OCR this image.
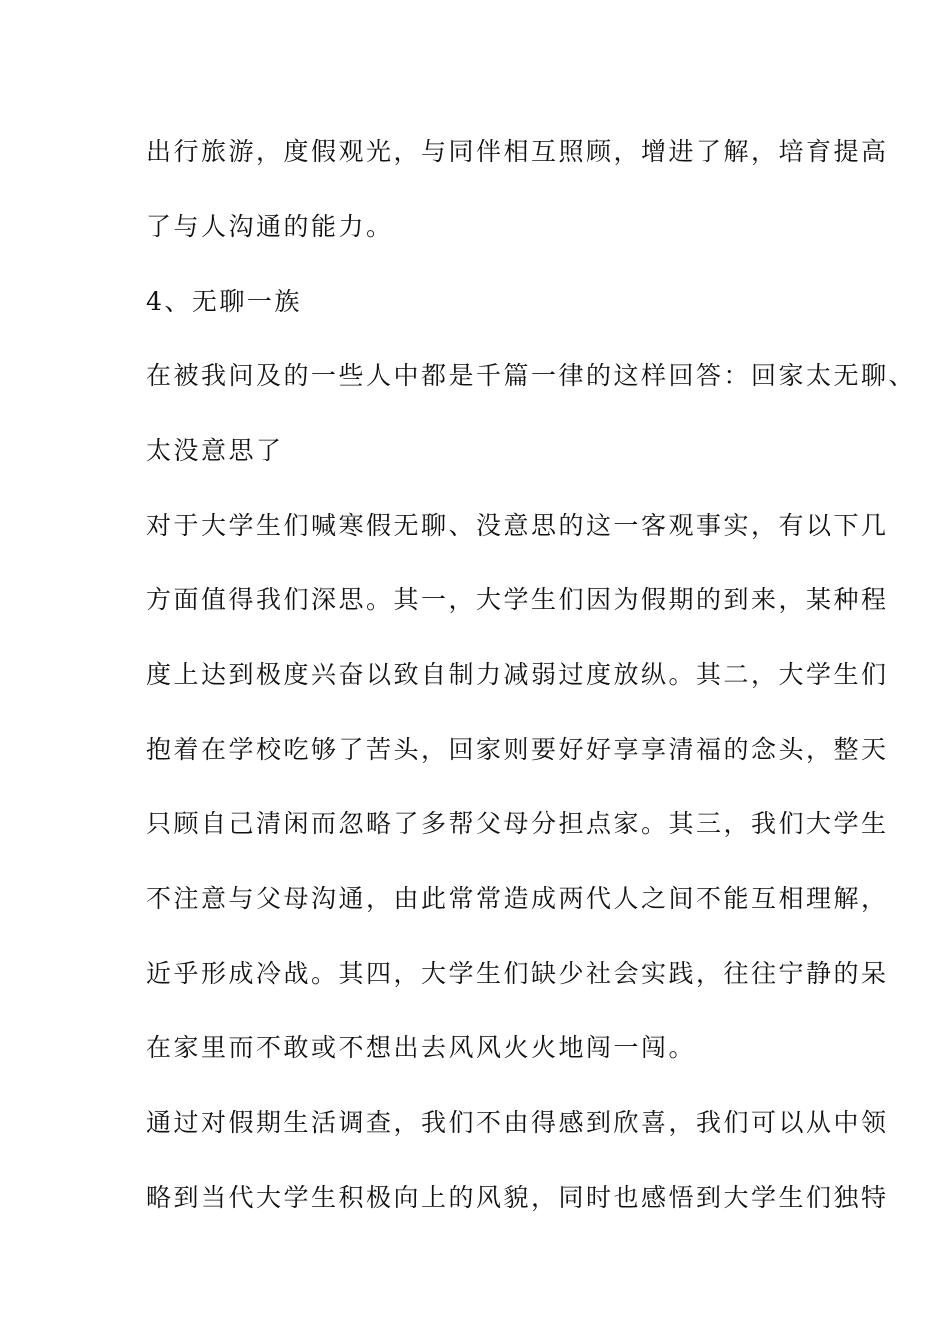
出行旅游，度假观光，与同伴相互照顾，增进了解，培育提高
了与人沟通的能力。
4、无聊一族
在被我问及的一些人中都是千篇一律的这样回答：回家太无聊、
太没意思了
对于大学生们喊寒假无聊、没意思的这一客观事实，有以下几
方面值得我们深思。其一，大学生们因为假期的到来，某种程
度上达到极度兴奋以致自制力减弱过度放纵。其二，大学生们
抱着在学校吃够了苦头，回家则要好好享享清福的念头，整天
只顾自己清闲而忽略了多帮父母分担点家。其三，我们大学生
不注意与父母沟通，由此常常造成两代人之间不能互相理解，
近乎形成冷战。其四，大学生们缺少社会实践，往往宁静的呆
在家里而不敢或不想出去风风火火地闯一闯。
通过对假期生活调查，我们不由得感到欣喜，我们可以从中领
略到当代大学生积极向上的风貌，同时也感悟到大学生们独特
